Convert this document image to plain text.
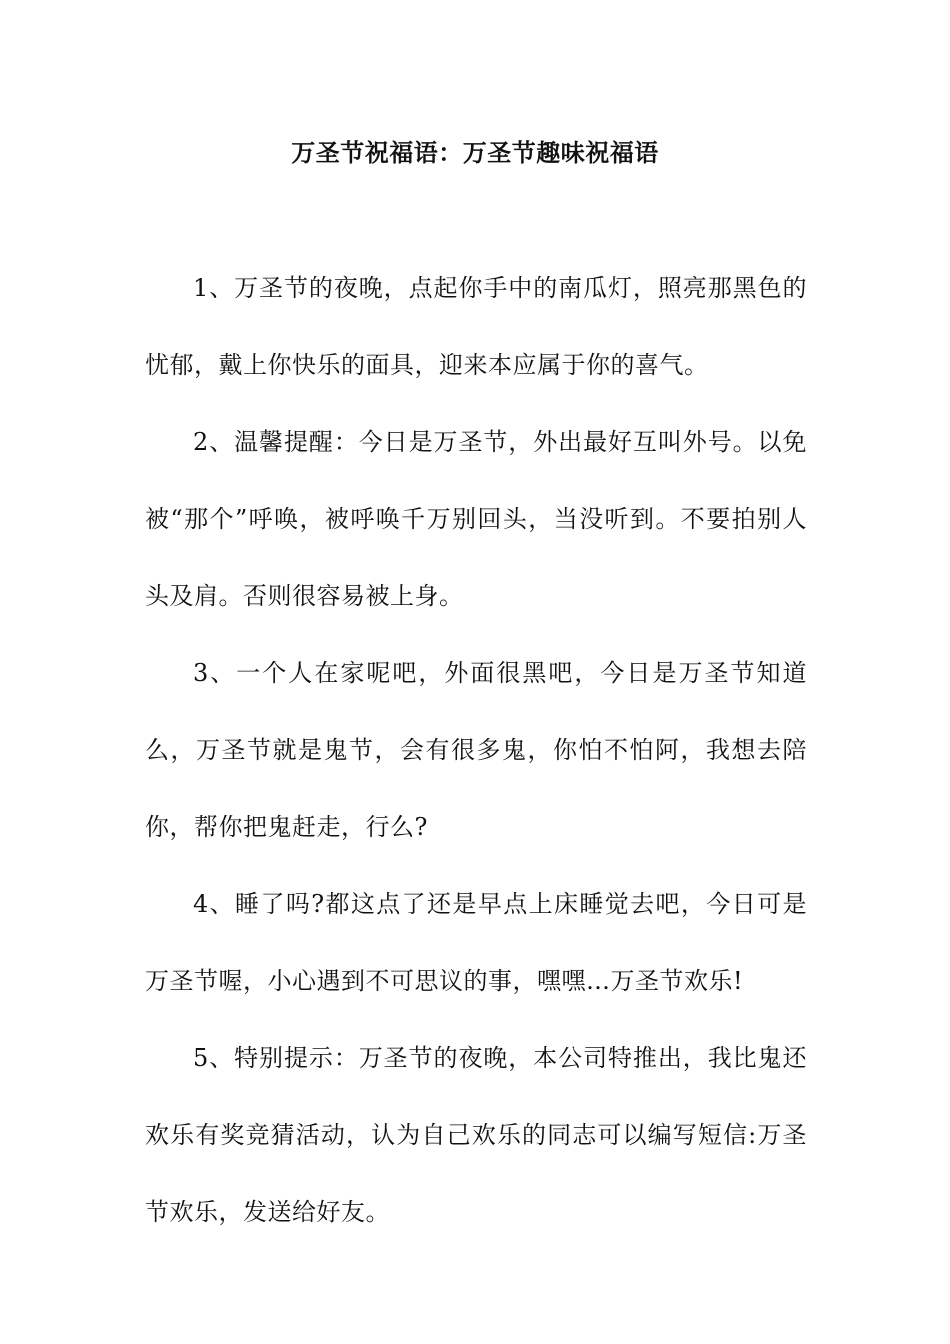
万圣节祝福语：万圣节趣味祝福语

1、万圣节的夜晚，点起你手中的南瓜灯，照亮那黑色的忧郁，戴上你快乐的面具，迎来本应属于你的喜气。

2、温馨提醒：今日是万圣节，外出最好互叫外号。以免被“那个”呼唤，被呼唤千万别回头，当没听到。不要拍别人头及肩。否则很容易被上身。

3、一个人在家呢吧，外面很黑吧，今日是万圣节知道么，万圣节就是鬼节，会有很多鬼，你怕不怕阿，我想去陪你，帮你把鬼赶走，行么?

4、睡了吗?都这点了还是早点上床睡觉去吧，今日可是万圣节喔，小心遇到不可思议的事，嘿嘿…万圣节欢乐!

5、特别提示：万圣节的夜晚，本公司特推出，我比鬼还欢乐有奖竞猜活动，认为自己欢乐的同志可以编写短信:万圣节欢乐，发送给好友。
